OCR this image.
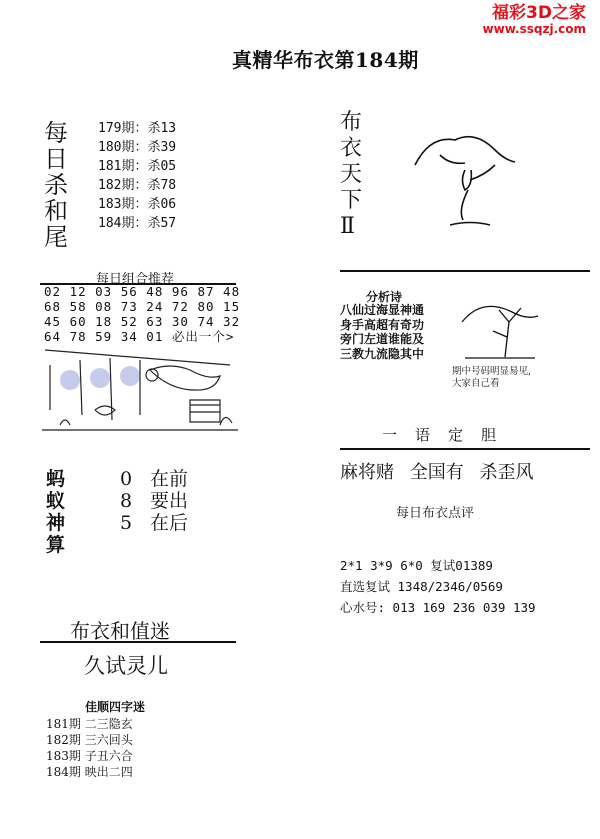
福彩3D之家
www.ssqzj.com
真精华布衣第184期
每
日
杀
和
尾
179期：杀13
180期：杀39
181期：杀05
182期：杀78
183期：杀06
184期：杀57
每日组合推荐
02 12 03 56 48 96 87 48
68 58 08 73 24 72 80 15
45 60 18 52 63 30 74 32
64 78 59 34 01 必出一个>
蚂
蚁
神
算
0
8
5
在前
要出
在后
布衣和值迷
久试灵儿
佳顺四字迷
181期 二三隐玄
182期 三六回头
183期 子丑六合
184期 映出二四
布
衣
天
下
Ⅱ
分析诗
八仙过海显神通
身手高超有奇功
旁门左道谁能及
三教九流隐其中
期中号码明显易见,
大家自己看
一语定胆
麻将赌 全国有 杀歪风
每日布衣点评
2*1 3*9 6*0 复试01389
直选复试 1348/2346/0569
心水号: 013 169 236 039 139
